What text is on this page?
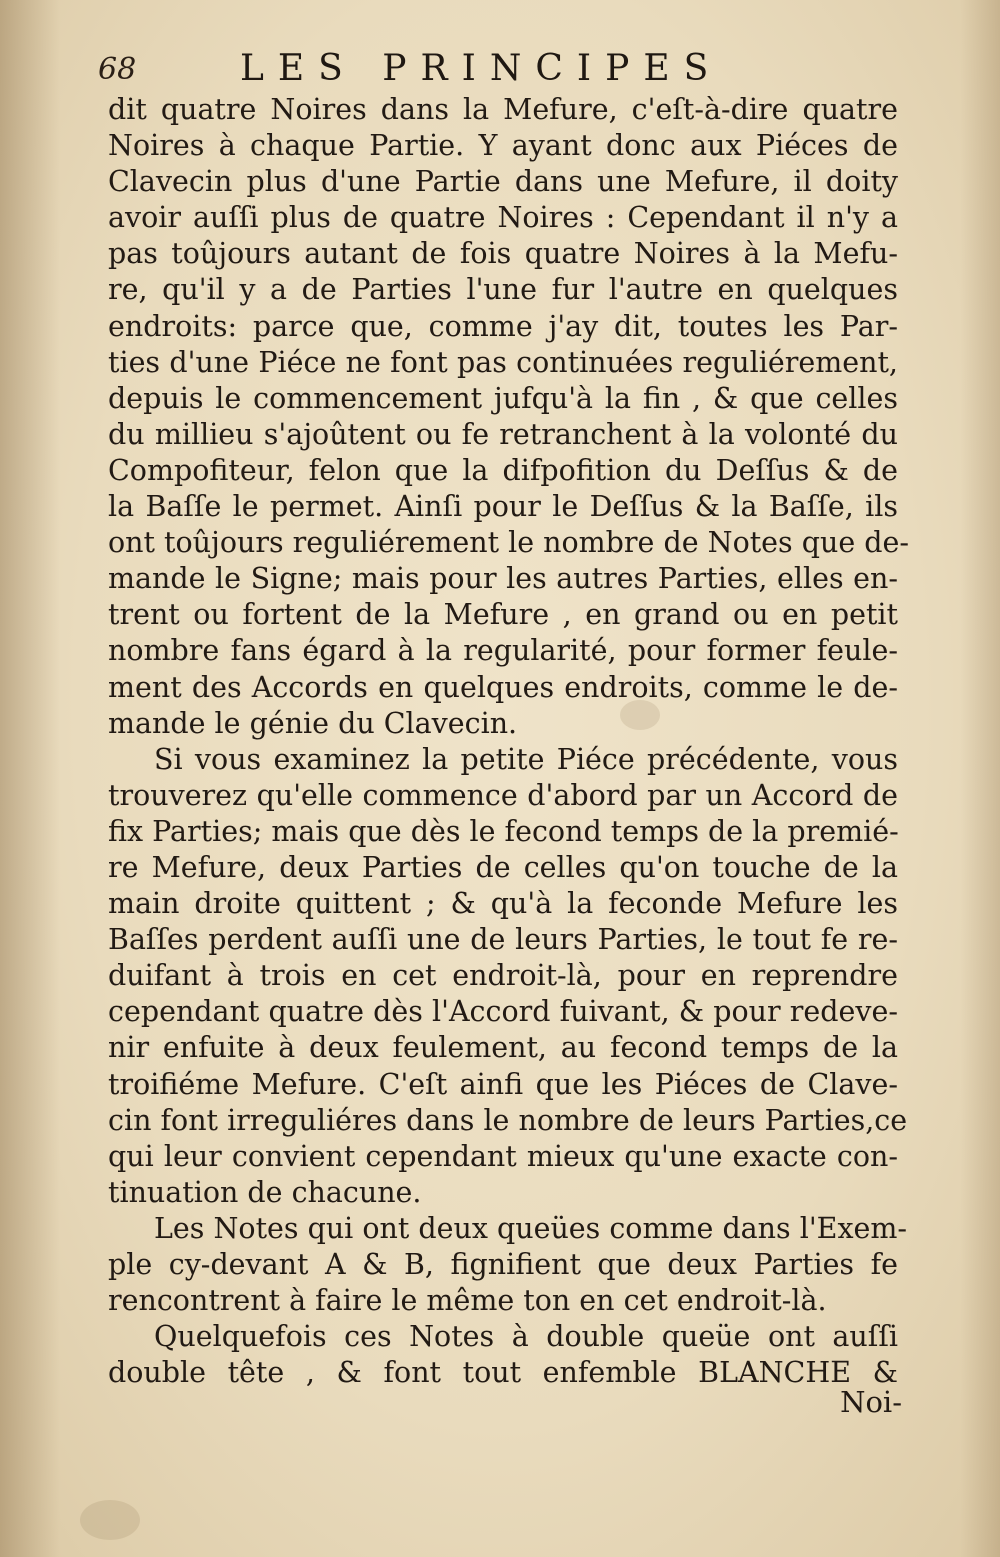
68	LES PRINCIPES
dit quatre Noires dans la Mefure, c'eſt-à-dire quatre
Noires à chaque Partie. Y ayant donc aux Piéces de
Clavecin plus d'une Partie dans une Mefure, il doity
avoir auſſi plus de quatre Noires : Cependant il n'y a
pas toûjours autant de fois quatre Noires à la Mefu-
re, qu'il y a de Parties l'une fur l'autre en quelques
endroits: parce que, comme j'ay dit, toutes les Par-
ties d'une Piéce ne font pas continuées reguliérement,
depuis le commencement jufqu'à la fin , & que celles
du millieu s'ajoûtent ou fe retranchent à la volonté du
Compofiteur, felon que la difpofition du Deſſus & de
la Baſſe le permet. Ainſi pour le Deſſus & la Baſſe, ils
ont toûjours reguliérement le nombre de Notes que de-
mande le Signe; mais pour les autres Parties, elles en-
trent ou fortent de la Mefure , en grand ou en petit
nombre fans égard à la regularité, pour former feule-
ment des Accords en quelques endroits, comme le de-
mande le génie du Clavecin.
Si vous examinez la petite Piéce précédente, vous
trouverez qu'elle commence d'abord par un Accord de
fix Parties; mais que dès le fecond temps de la premié-
re Mefure, deux Parties de celles qu'on touche de la
main droite quittent ; & qu'à la feconde Mefure les
Baſſes perdent auſſi une de leurs Parties, le tout fe re-
duifant à trois en cet endroit-là, pour en reprendre
cependant quatre dès l'Accord fuivant, & pour redeve-
nir enfuite à deux feulement, au fecond temps de la
troifiéme Mefure. C'eſt ainfi que les Piéces de Clave-
cin font irreguliéres dans le nombre de leurs Parties,ce
qui leur convient cependant mieux qu'une exacte con-
tinuation de chacune.
Les Notes qui ont deux queües comme dans l'Exem-
ple cy-devant A & B, fignifient que deux Parties fe
rencontrent à faire le même ton en cet endroit-là.
Quelquefois ces Notes à double queüe ont auſſi
double tête , & font tout enfemble BLANCHE &
Noi-
